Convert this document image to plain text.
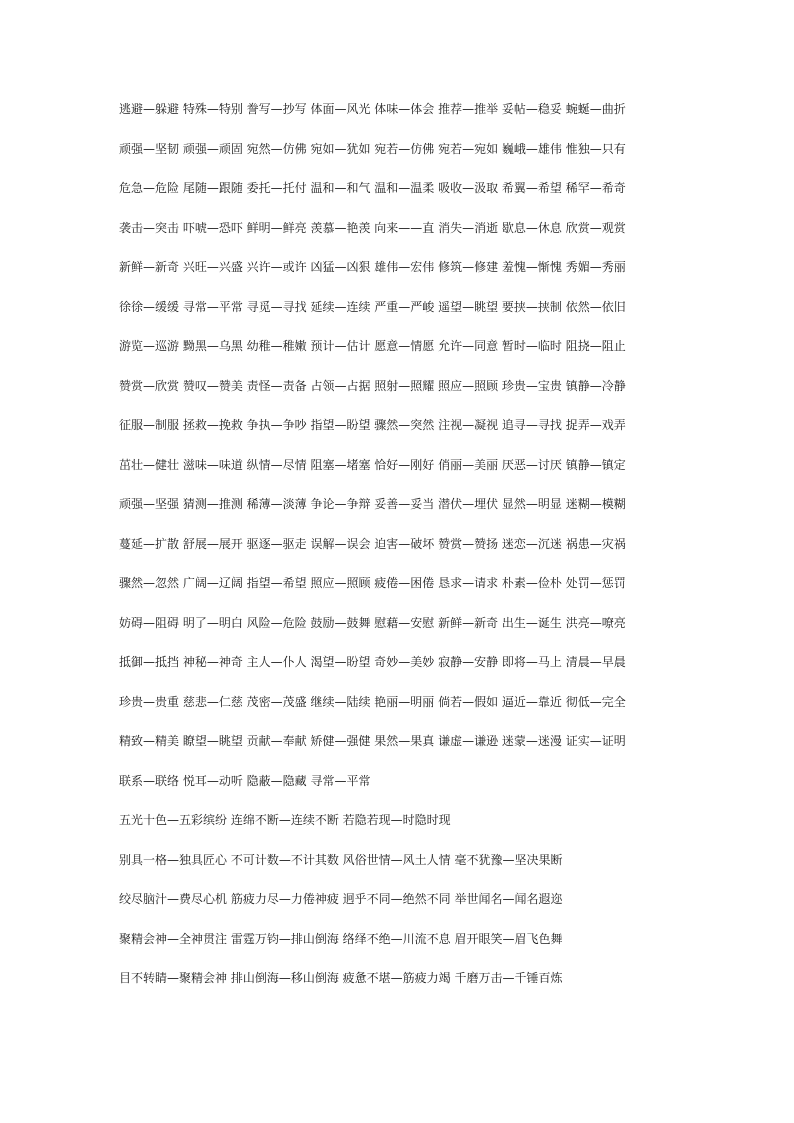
逃避—躲避 特殊—特别 誊写—抄写 体面—风光 体味—体会 推荐—推举 妥帖—稳妥 蜿蜒—曲折
顽强—坚韧 顽强—顽固 宛然—仿佛 宛如—犹如 宛若—仿佛 宛若—宛如 巍峨—雄伟 惟独—只有
危急—危险 尾随—跟随 委托—托付 温和—和气 温和—温柔 吸收—汲取 希翼—希望 稀罕—希奇
袭击—突击 吓唬—恐吓 鲜明—鲜亮 羡慕—艳羡 向来——直 消失—消逝 歇息—休息 欣赏—观赏
新鲜—新奇 兴旺—兴盛 兴许—或许 凶猛—凶狠 雄伟—宏伟 修筑—修建 羞愧—惭愧 秀媚—秀丽
徐徐—缓缓 寻常—平常 寻觅—寻找 延续—连续 严重—严峻 遥望—眺望 要挟—挟制 依然—依旧
游览—巡游 黝黑—乌黑 幼稚—稚嫩 预计—估计 愿意—情愿 允许—同意 暂时—临时 阻挠—阻止
赞赏—欣赏 赞叹—赞美 责怪—责备 占领—占据 照射—照耀 照应—照顾 珍贵—宝贵 镇静—冷静
征服—制服 拯救—挽救 争执—争吵 指望—盼望 骤然—突然 注视—凝视 追寻—寻找 捉弄—戏弄
茁壮—健壮 滋味—味道 纵情—尽情 阻塞—堵塞 恰好—刚好 俏丽—美丽 厌恶—讨厌 镇静—镇定
顽强—坚强 猜测—推测 稀薄—淡薄 争论—争辩 妥善—妥当 潜伏—埋伏 显然—明显 迷糊—模糊
蔓延—扩散 舒展—展开 驱逐—驱走 误解—误会 迫害—破坏 赞赏—赞扬 迷恋—沉迷 祸患—灾祸
骤然—忽然 广阔—辽阔 指望—希望 照应—照顾 疲倦—困倦 恳求—请求 朴素—俭朴 处罚—惩罚
妨碍—阻碍 明了—明白 风险—危险 鼓励—鼓舞 慰藉—安慰 新鲜—新奇 出生—诞生 洪亮—嘹亮
抵御—抵挡 神秘—神奇 主人—仆人 渴望—盼望 奇妙—美妙 寂静—安静 即将—马上 清晨—早晨
珍贵—贵重 慈悲—仁慈 茂密—茂盛 继续—陆续 艳丽—明丽 倘若—假如 逼近—靠近 彻低—完全
精致—精美 瞭望—眺望 贡献—奉献 矫健—强健 果然—果真 谦虚—谦逊 迷蒙—迷漫 证实—证明
联系—联络 悦耳—动听 隐蔽—隐藏 寻常—平常
五光十色—五彩缤纷 连绵不断—连续不断 若隐若现—时隐时现
别具一格—独具匠心 不可计数—不计其数 风俗世情—风土人情 毫不犹豫—坚决果断
绞尽脑汁—费尽心机 筋疲力尽—力倦神疲 迥乎不同—绝然不同 举世闻名—闻名遐迩
聚精会神—全神贯注 雷霆万钧—排山倒海 络绎不绝—川流不息 眉开眼笑—眉飞色舞
目不转睛—聚精会神 排山倒海—移山倒海 疲惫不堪—筋疲力竭 千磨万击—千锤百炼
